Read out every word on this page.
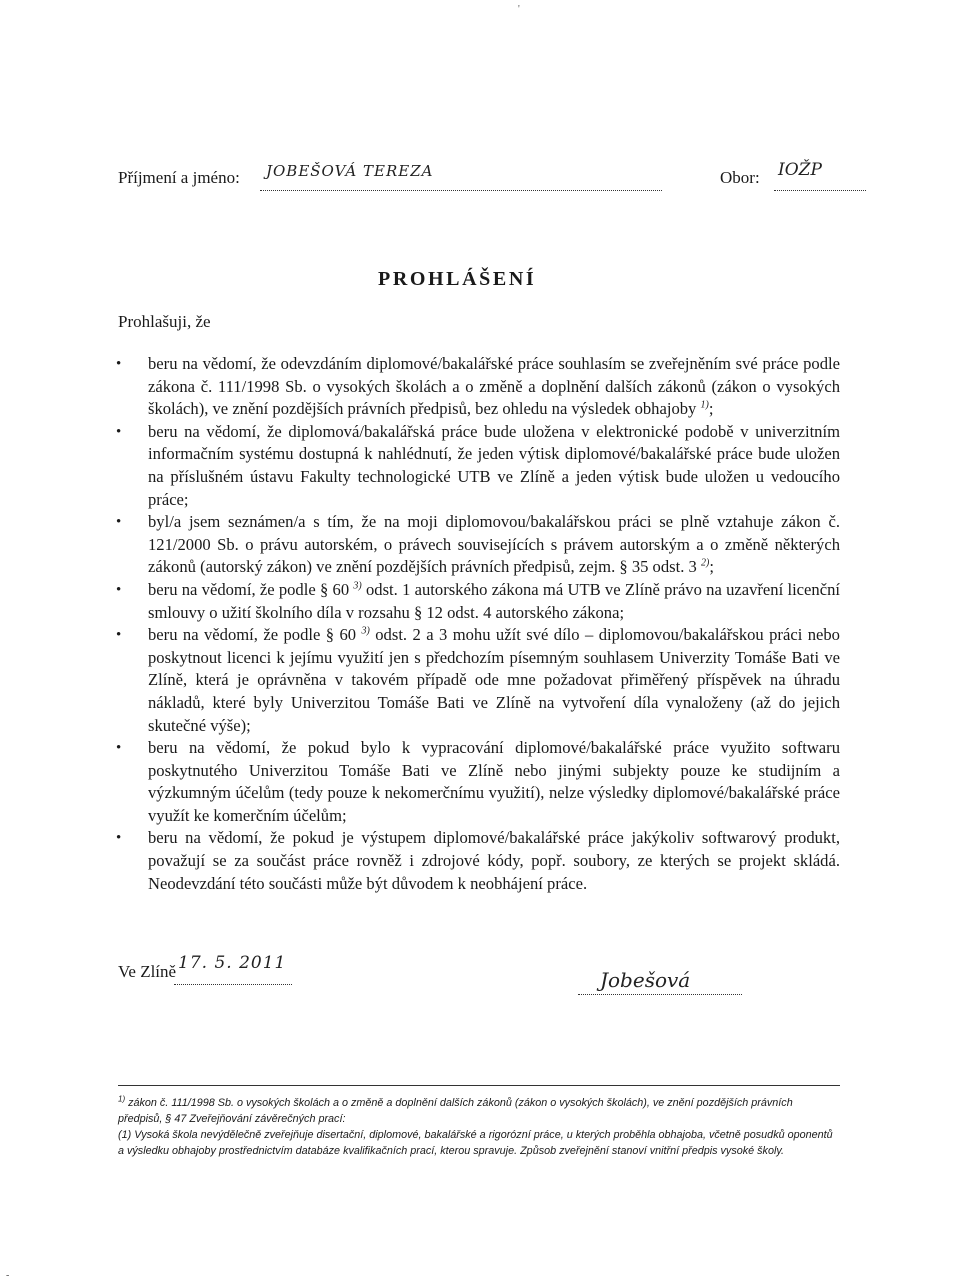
Příjmení a jméno: JOBEŠOVÁ TEREZA	Obor: IOŽP
PROHLÁŠENÍ
Prohlašuji, že
• beru na vědomí, že odevzdáním diplomové/bakalářské práce souhlasím se zveřejněním své práce podle zákona č. 111/1998 Sb. o vysokých školách a o změně a doplnění dalších zákonů (zákon o vysokých školách), ve znění pozdějších právních předpisů, bez ohledu na výsledek obhajoby $^{1)}$;
• beru na vědomí, že diplomová/bakalářská práce bude uložena v elektronické podobě v univerzitním informačním systému dostupná k nahlédnutí, že jeden výtisk diplomové/bakalářské práce bude uložen na příslušném ústavu Fakulty technologické UTB ve Zlíně a jeden výtisk bude uložen u vedoucího práce;
• byl/a jsem seznámen/a s tím, že na moji diplomovou/bakalářskou práci se plně vztahuje zákon č. 121/2000 Sb. o právu autorském, o právech souvisejících s právem autorským a o změně některých zákonů (autorský zákon) ve znění pozdějších právních předpisů, zejm. § 35 odst. 3 $^{2)}$;
• beru na vědomí, že podle § 60 $^{3)}$ odst. 1 autorského zákona má UTB ve Zlíně právo na uzavření licenční smlouvy o užití školního díla v rozsahu § 12 odst. 4 autorského zákona;
• beru na vědomí, že podle § 60 $^{3)}$ odst. 2 a 3 mohu užít své dílo – diplomovou/bakalářskou práci nebo poskytnout licenci k jejímu využití jen s předchozím písemným souhlasem Univerzity Tomáše Bati ve Zlíně, která je oprávněna v takovém případě ode mne požadovat přiměřený příspěvek na úhradu nákladů, které byly Univerzitou Tomáše Bati ve Zlíně na vytvoření díla vynaloženy (až do jejich skutečné výše);
• beru na vědomí, že pokud bylo k vypracování diplomové/bakalářské práce využito softwaru poskytnutého Univerzitou Tomáše Bati ve Zlíně nebo jinými subjekty pouze ke studijním a výzkumným účelům (tedy pouze k nekomerčnímu využití), nelze výsledky diplomové/bakalářské práce využít ke komerčním účelům;
• beru na vědomí, že pokud je výstupem diplomové/bakalářské práce jakýkoliv softwarový produkt, považují se za součást práce rovněž i zdrojové kódy, popř. soubory, ze kterých se projekt skládá. Neodevzdání této součásti může být důvodem k neobhájení práce.
Ve Zlíně 17. 5. 2011
Jobešová

$^{1)}$ zákon č. 111/1998 Sb. o vysokých školách a o změně a doplnění dalších zákonů (zákon o vysokých školách), ve znění pozdějších právních předpisů, § 47 Zveřejňování závěrečných prací:

(1) Vysoká škola nevýdělečně zveřejňuje disertační, diplomové, bakalářské a rigorózní práce, u kterých proběhla obhajoba, včetně posudků oponentů a výsledku obhajoby prostřednictvím databáze kvalifikačních prací, kterou spravuje. Způsob zveřejnění stanoví vnitřní předpis vysoké školy.

'
-
